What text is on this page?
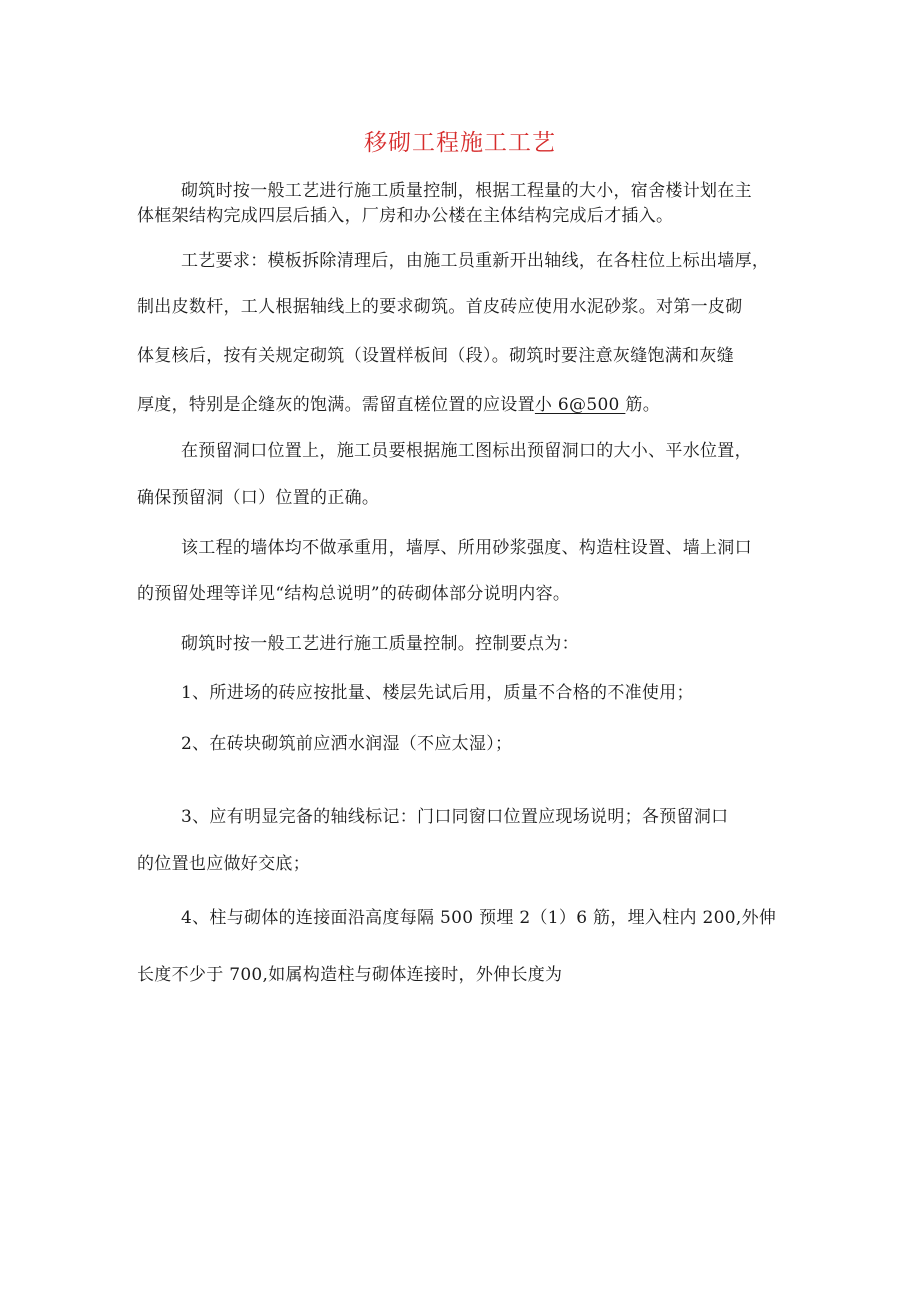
移砌工程施工工艺
砌筑时按一般工艺进行施工质量控制，根据工程量的大小，宿舍楼计划在主
体框架结构完成四层后插入，厂房和办公楼在主体结构完成后才插入。
工艺要求：模板拆除清理后，由施工员重新开出轴线，在各柱位上标出墙厚，
制出皮数杆，工人根据轴线上的要求砌筑。首皮砖应使用水泥砂浆。对第一皮砌
体复核后，按有关规定砌筑（设置样板间（段）。砌筑时要注意灰缝饱满和灰缝
厚度，特别是企缝灰的饱满。需留直槎位置的应设置小 6@500 筋。
在预留洞口位置上，施工员要根据施工图标出预留洞口的大小、平水位置，
确保预留洞（口）位置的正确。
该工程的墙体均不做承重用，墙厚、所用砂浆强度、构造柱设置、墙上洞口
的预留处理等详见“结构总说明”的砖砌体部分说明内容。
砌筑时按一般工艺进行施工质量控制。控制要点为：
1、所进场的砖应按批量、楼层先试后用，质量不合格的不准使用；
2、在砖块砌筑前应洒水润湿（不应太湿）；
3、应有明显完备的轴线标记：门口同窗口位置应现场说明；各预留洞口
的位置也应做好交底；
4、柱与砌体的连接面沿高度每隔 500 预埋 2（1）6 筋，埋入柱内 200,外伸
长度不少于 700,如属构造柱与砌体连接时，外伸长度为
